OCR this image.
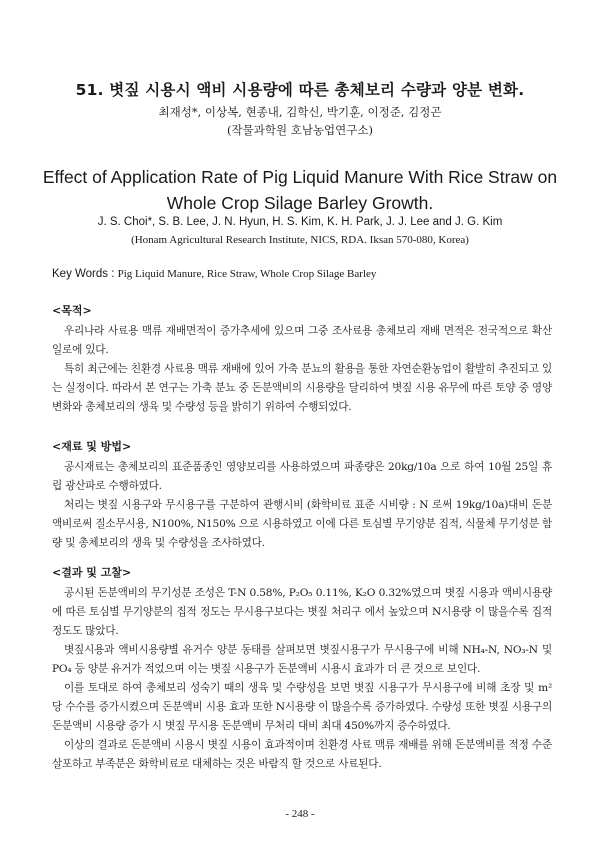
51. 볏짚 시용시 액비 시용량에 따른 총체보리 수량과 양분 변화.
최재성*, 이상복, 현종내, 김학신, 박기훈, 이정준, 김정곤
(작물과학원 호남농업연구소)
Effect of Application Rate of Pig Liquid Manure With Rice Straw on
Whole Crop Silage Barley Growth.
J. S. Choi*, S. B. Lee, J. N. Hyun, H. S. Kim, K. H. Park, J. J. Lee and J. G. Kim
(Honam Agricultural Research Institute, NICS, RDA. Iksan 570-080, Korea)
Key Words : Pig Liquid Manure, Rice Straw, Whole Crop Silage Barley

<목적>

우리나라 사료용 맥류 재배면적이 증가추세에 있으며 그중 조사료용 총체보리 재배 면적은 전국적으로 확산일로에 있다.

특히 최근에는 친환경 사료용 맥류 재배에 있어 가축 분뇨의 활용을 통한 자연순환농업이 활발히 추진되고 있는 실정이다. 따라서 본 연구는 가축 분뇨 중 돈분액비의 시용량을 달리하여 볏짚 시용 유무에 따른 토양 중 영양변화와 총체보리의 생육 및 수량성 등을 밝히기 위하여 수행되었다.

<재료 및 방법>

공시재료는 총체보리의 표준품종인 영양보리를 사용하였으며 파종량은 20kg/10a 으로 하여 10월 25일 휴립 광산파로 수행하였다.

처리는 볏짚 시용구와 무시용구를 구분하여 관행시비 (화학비료 표준 시비량 : N 로써 19kg/10a)대비 돈분액비로써 질소무시용, N100%, N150% 으로 시용하였고 이에 다른 토심별 무기양분 집적, 식물체 무기성분 함량 및 총체보리의 생육 및 수량성을 조사하였다.

<결과 및 고찰>

공시된 돈분액비의 무기성분 조성은 T-N 0.58%, P₂O₅ 0.11%, K₂O 0.32%였으며 볏짚 시용과 액비시용량에 따른 토심별 무기양분의 집적 정도는 무시용구보다는 볏짚 처리구 에서 높았으며 N시용량 이 많을수록 집적정도도 많았다.

볏짚시용과 액비시용량별 유거수 양분 동태를 살펴보면 볏짚시용구가 무시용구에 비해 NH₄-N, NO₃-N 및 PO₄ 등 양분 유거가 적었으며 이는 볏짚 시용구가 돈분액비 시용시 효과가 더 큰 것으로 보인다.

이를 토대로 하여 총체보리 성숙기 때의 생육 및 수량성을 보면 볏짚 시용구가 무시용구에 비해 초장 및 m² 당 수수를 증가시켰으며 돈분액비 시용 효과 또한 N시용량 이 많을수록 증가하였다. 수량성 또한 볏짚 시용구의 돈분액비 시용량 증가 시 볏짚 무시용 돈분액비 무처리 대비 최대 450%까지 증수하였다.

이상의 결과로 돈분액비 시용시 볏짚 시용이 효과적이며 친환경 사료 맥류 재배를 위해 돈분액비를 적정 수준 살포하고 부족분은 화학비료로 대체하는 것은 바람직 할 것으로 사료된다.

- 248 -
